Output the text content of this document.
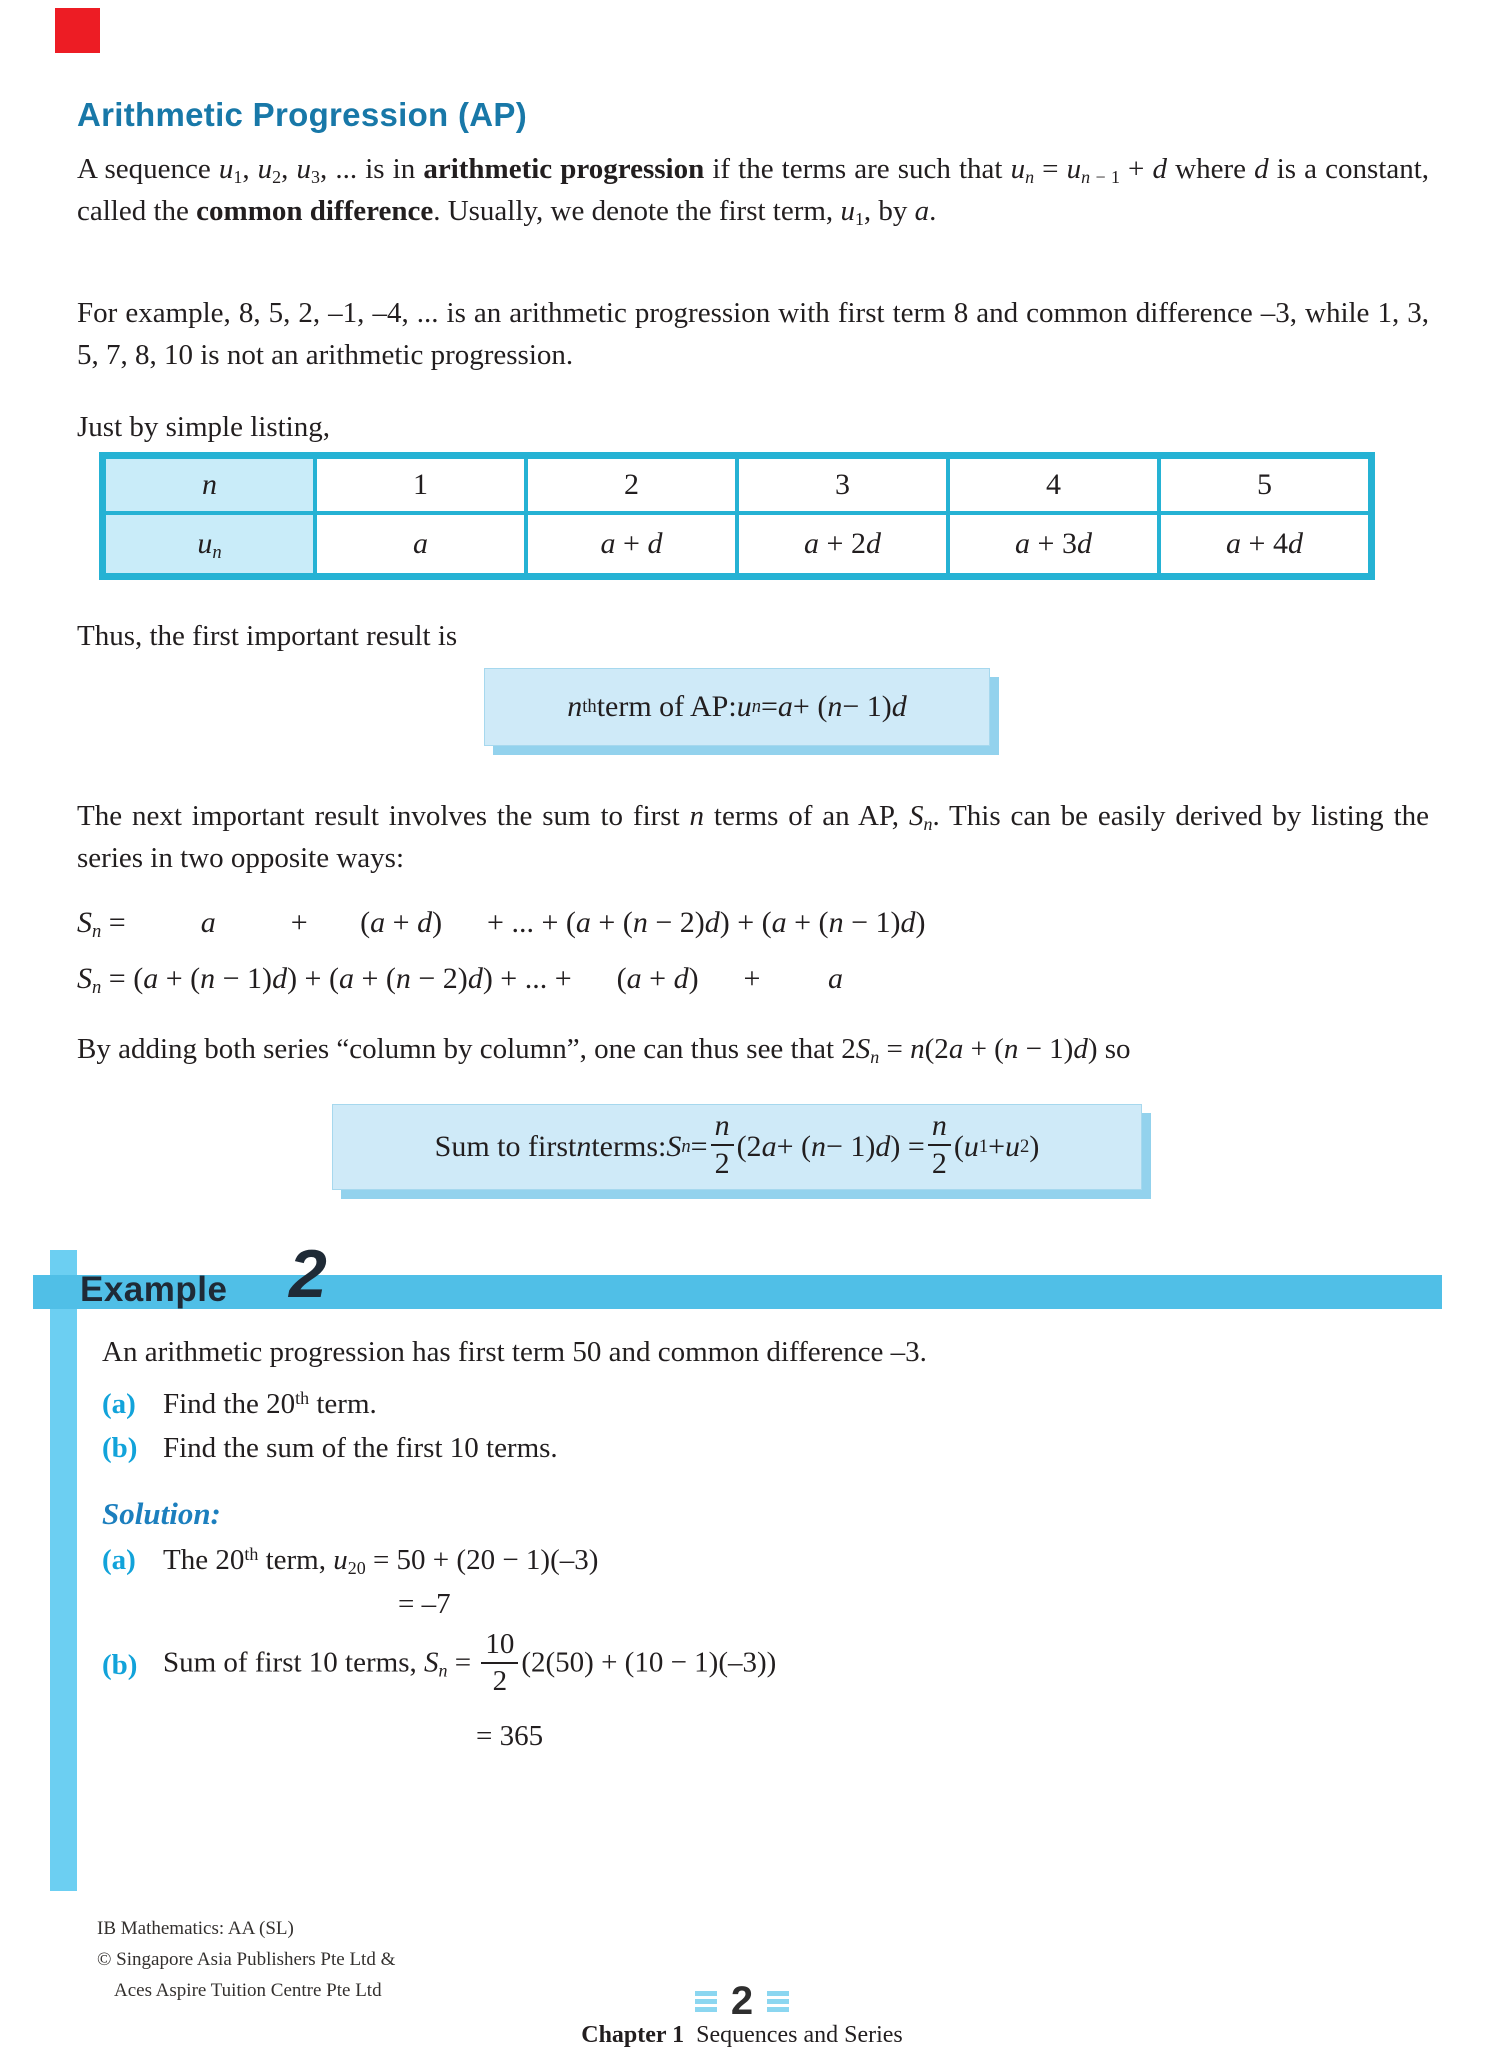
Arithmetic Progression (AP)
A sequence $u_1$, $u_2$, $u_3$, ... is in arithmetic progression if the terms are such that $u_n = u_{n - 1} + d$ where d is a constant, called the common difference. Usually, we denote the first term, $u_1$, by a.
For example, 8, 5, 2, –1, –4, ... is an arithmetic progression with first term 8 and common difference –3, while 1, 3, 5, 7, 8, 10 is not an arithmetic progression.
Just by simple listing,
n	1	2	3	4	5
$u_n$	a	a + d	a + 2d	a + 3d	a + 4d
Thus, the first important result is
n th term of AP: u n = a + ( n − 1) d
The next important result involves the sum to first n terms of an AP, $S_n$. This can be easily derived by listing the series in two opposite ways:
$S_n$ =          a          +       (a + d)      + ... + (a + (n − 2)d) + (a + (n − 1)d)
$S_n = (a + (n - 1)d) + (a + (n - 2)d)$ + ... +      (a + d)      +         a
By adding both series “column by column”, one can thus see that $2S_n = n(2a + (n - 1)d)$ so
Sum to first n terms: S n =
n
2
(2 a + ( n − 1) d ) =
n
2
( u 1 + u 2 )
Example 2
An arithmetic progression has first term 50 and common difference –3.
(a) Find the 20th term.
(b) Find the sum of the first 10 terms.
Solution:
(a) The 20th term, $u_{20} = 50 + (20 - 1)(-3)$
= –7
(b) Sum of first 10 terms, $S_n = \frac{10}{2} (2(50) + (10 - 1)(-3))$
= 365
IB Mathematics: AA (SL)
© Singapore Asia Publishers Pte Ltd &
Aces Aspire Tuition Centre Pte Ltd	2
Chapter 1 Sequences and Series
